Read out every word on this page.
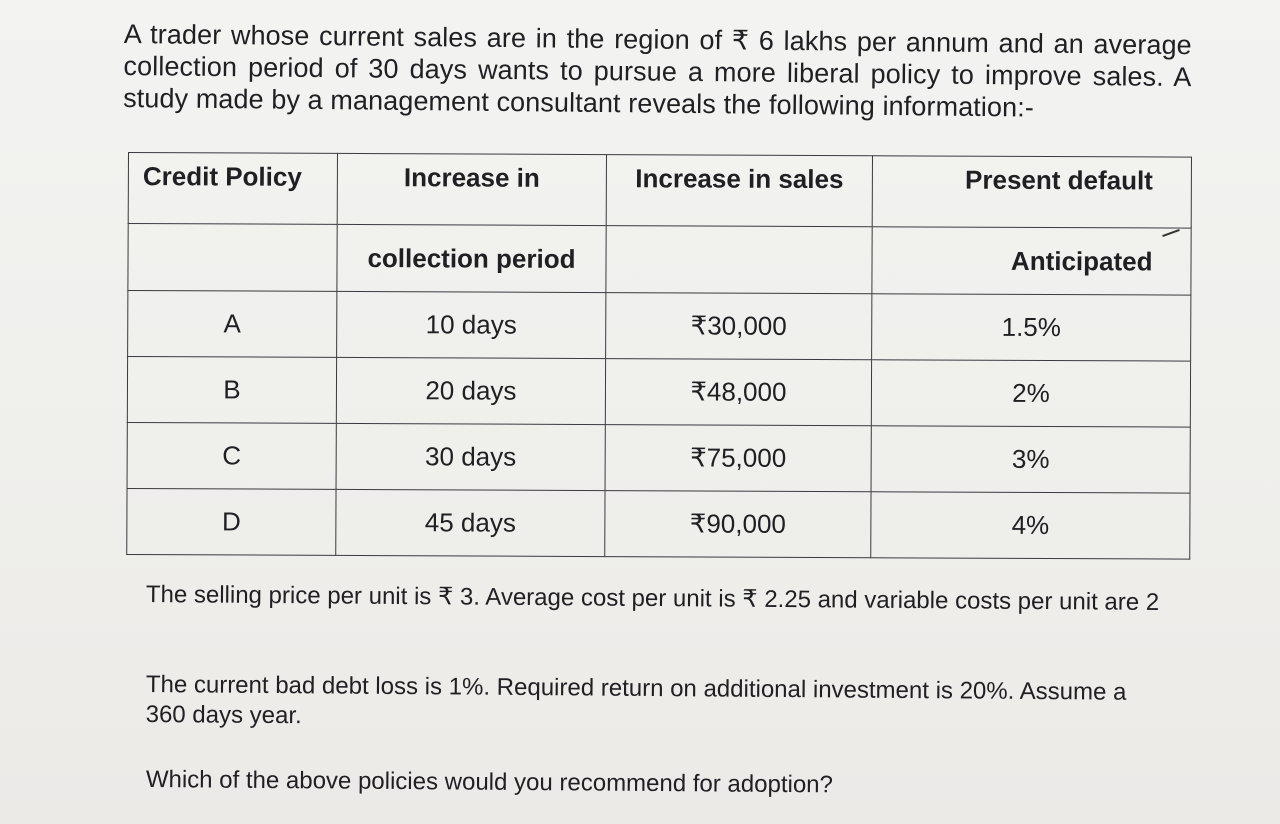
A trader whose current sales are in the region of ₹ 6 lakhs per annum and an average collection period of 30 days wants to pursue a more liberal policy to improve sales. A study made by a management consultant reveals the following information:-
Credit Policy	Increase in	Increase in sales	Present default
	collection period		Anticipated
A	10 days	₹30,000	1.5%
B	20 days	₹48,000	2%
C	30 days	₹75,000	3%
D	45 days	₹90,000	4%
The selling price per unit is ₹ 3. Average cost per unit is ₹ 2.25 and variable costs per unit are 2
The current bad debt loss is 1%. Required return on additional investment is 20%. Assume a 360 days year.
Which of the above policies would you recommend for adoption?
